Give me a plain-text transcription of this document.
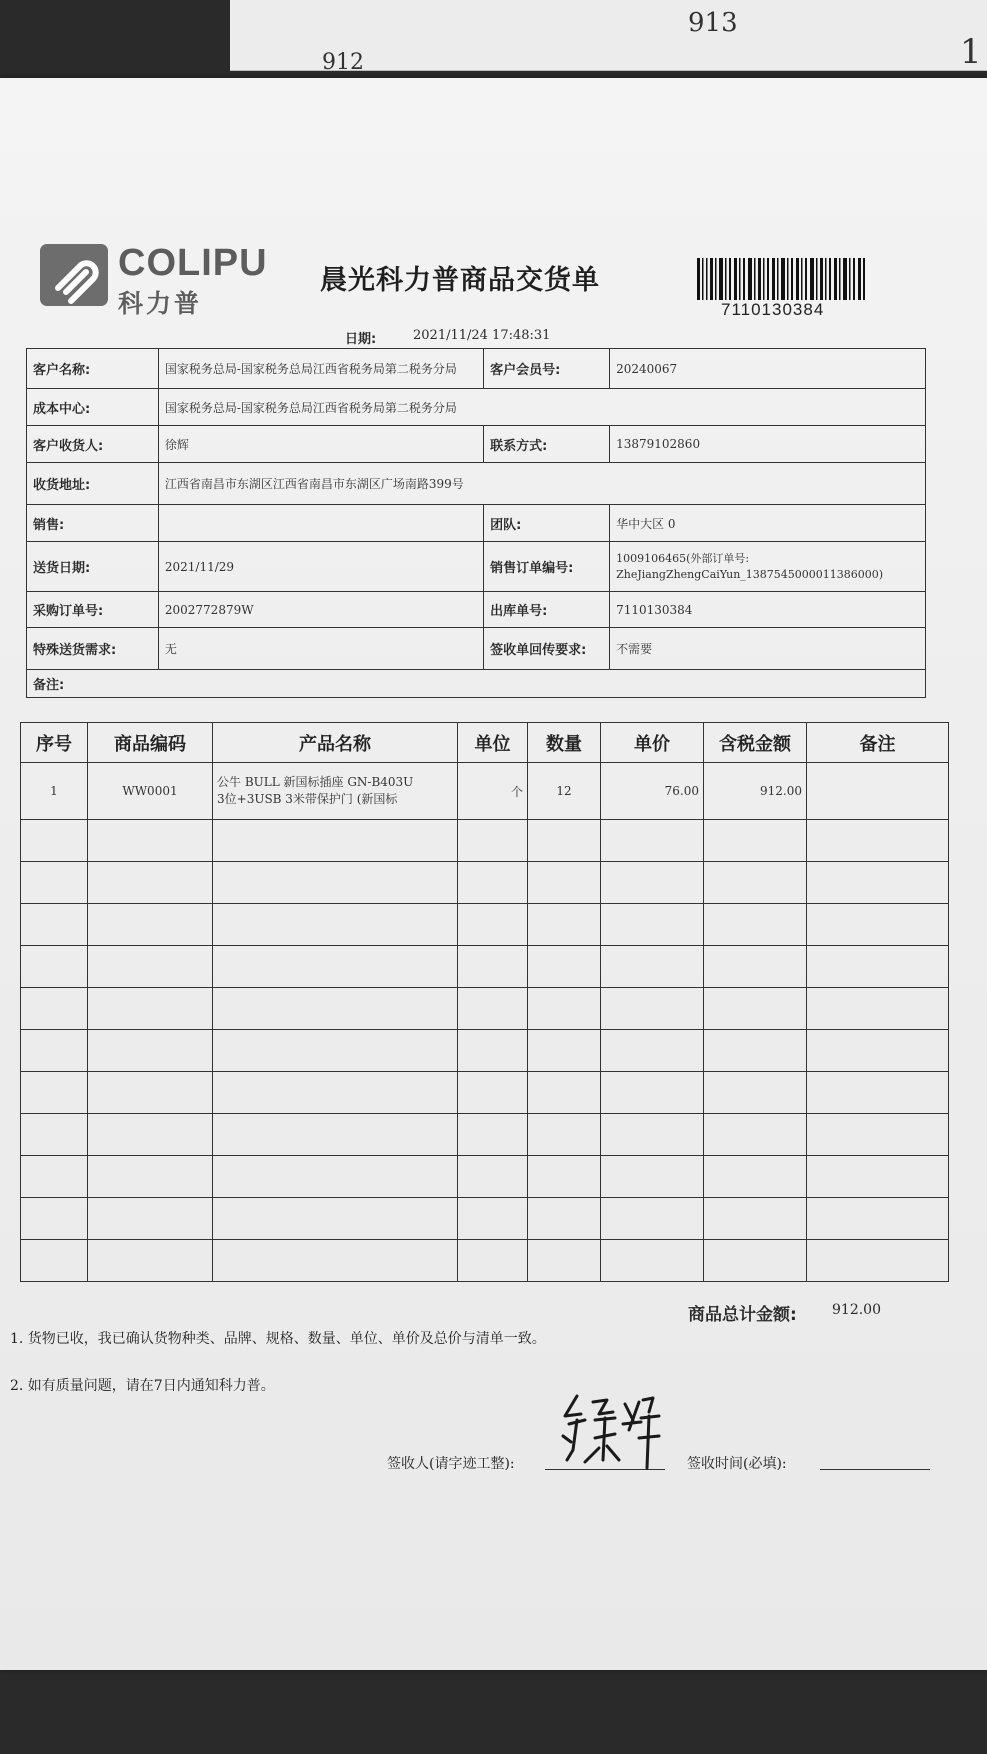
912
913
1
COLIPU
科力普
晨光科力普商品交货单
7110130384
日期:	2021/11/24 17:48:31
客户名称:	国家税务总局-国家税务总局江西省税务局第二税务分局	客户会员号:	20240067
成本中心:	国家税务总局-国家税务总局江西省税务局第二税务分局		
客户收货人:	徐辉	联系方式:	13879102860
收货地址:	江西省南昌市东湖区江西省南昌市东湖区广场南路399号		
销售:		团队:	华中大区 0
送货日期:	2021/11/29	销售订单编号:	1009106465(外部订单号:
ZheJiangZhengCaiYun_1387545000011386000)

采购订单号:	2002772879W	出库单号:	7110130384
特殊送货需求:	无	签收单回传要求:	不需要
备注:			
序号	商品编码	产品名称	单位	数量	单价	含税金额	备注
1	WW0001	公牛 BULL 新国标插座 GN-B403U
3位+3USB 3米带保护门 (新国标	个	12	76.00	912.00	

商品总计金额:	912.00
1. 货物已收，我已确认货物种类、品牌、规格、数量、单位、单价及总价与清单一致。
2. 如有质量问题，请在7日内通知科力普。
签收人(请字迹工整):	签收时间(必填):
